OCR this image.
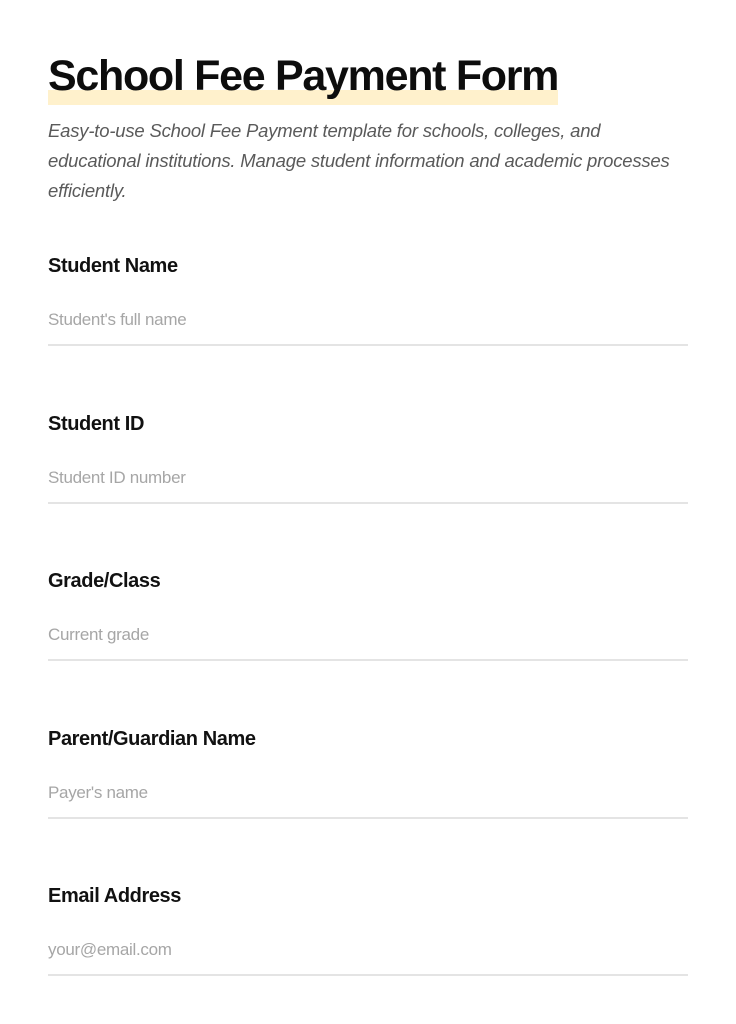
School Fee Payment Form

Easy-to-use School Fee Payment template for schools, colleges, and educational institutions. Manage student information and academic processes efficiently.

Student Name
Student's full name
Student ID
Student ID number
Grade/Class
Current grade
Parent/Guardian Name
Payer's name
Email Address
your@email.com
